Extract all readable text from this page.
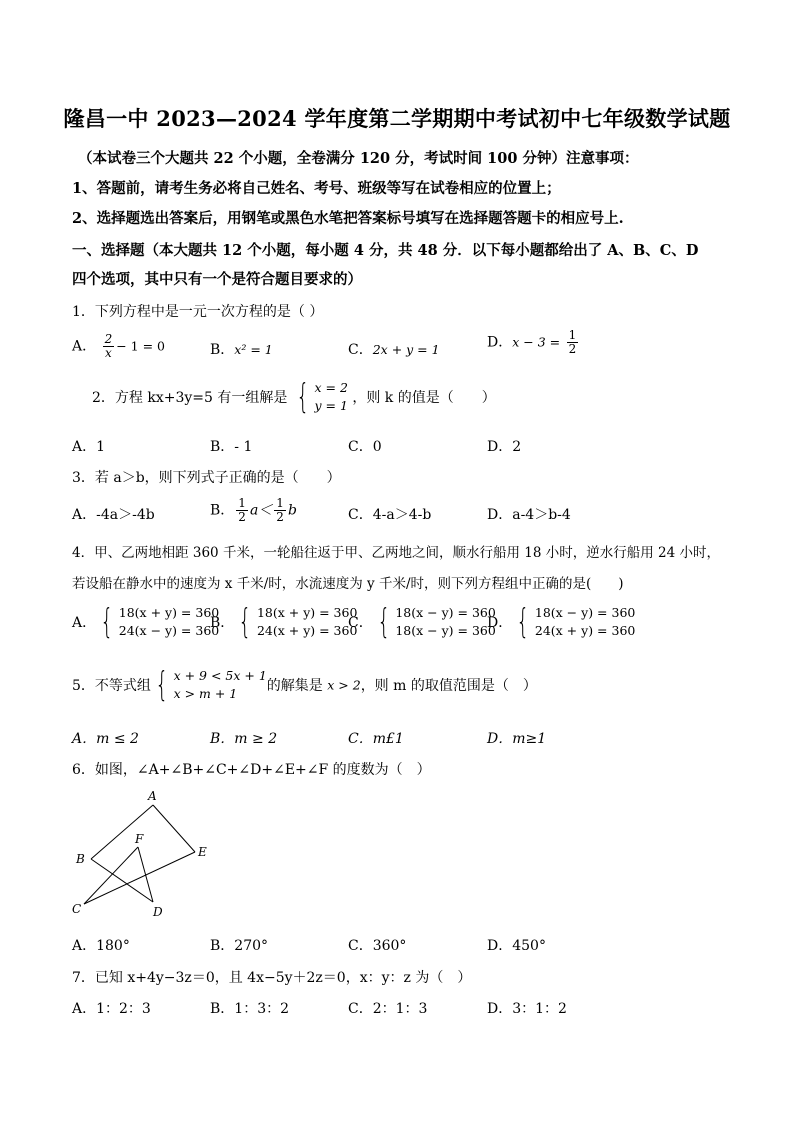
隆昌一中 2023—2024 学年度第二学期期中考试初中七年级数学试题
（本试卷三个大题共 22 个小题，全卷满分 120 分，考试时间 100 分钟）注意事项：
1、答题前，请考生务必将自己姓名、考号、班级等写在试卷相应的位置上；
2、选择题选出答案后，用钢笔或黑色水笔把答案标号填写在选择题答题卡的相应号上.
一、选择题（本大题共 12 个小题，每小题 4 分，共 48 分．以下每小题都给出了 A、B、C、D
四个选项，其中只有一个是符合题目要求的）
1．下列方程中是一元一次方程的是（ ）
A． $\frac{2}{x} - 1 = 0$	B．x² = 1	C．2x + y = 1	D．$x - 3 = \frac{1}{2}$
2．方程 kx+3y=5 有一组解是 { x = 2
y = 1 ，则 k 的值是（　　）
A．1	B．- 1	C．0	D．2
3．若 a＞b，则下列式子正确的是（　　）
A．-4a＞-4b	B． $\frac{1}{2} a< \frac{1}{2}$ b	C．4-a＞4-b	D．a-4＞b-4
4．甲、乙两地相距 360 千米，一轮船往返于甲、乙两地之间，顺水行船用 18 小时，逆水行船用 24 小时，
若设船在静水中的速度为 x 千米/时，水流速度为 y 千米/时，则下列方程组中正确的是(　　)
A． { 18(x + y) = 360
24(x − y) = 360
B． { 18(x + y) = 360
24(x + y) = 360
C． { 18(x − y) = 360
18(x − y) = 360
D． { 18(x − y) = 360
24(x + y) = 360
5．不等式组 { x + 9 < 5x + 1
x > m + 1	的解集是 x > 2，则 m 的取值范围是（　）
A．m ≤ 2	B．m ≥ 2	C．m£1	D．m≥1
6．如图，∠A+∠B+∠C+∠D+∠E+∠F 的度数为（　）
A
B
C	D
E
F
A．180°	B．270°	C．360°	D．450°
7．已知 x+4y−3z＝0，且 4x−5y＋2z＝0，x：y：z 为（　）
A．1：2：3	B．1：3：2	C．2：1：3	D．3：1：2
